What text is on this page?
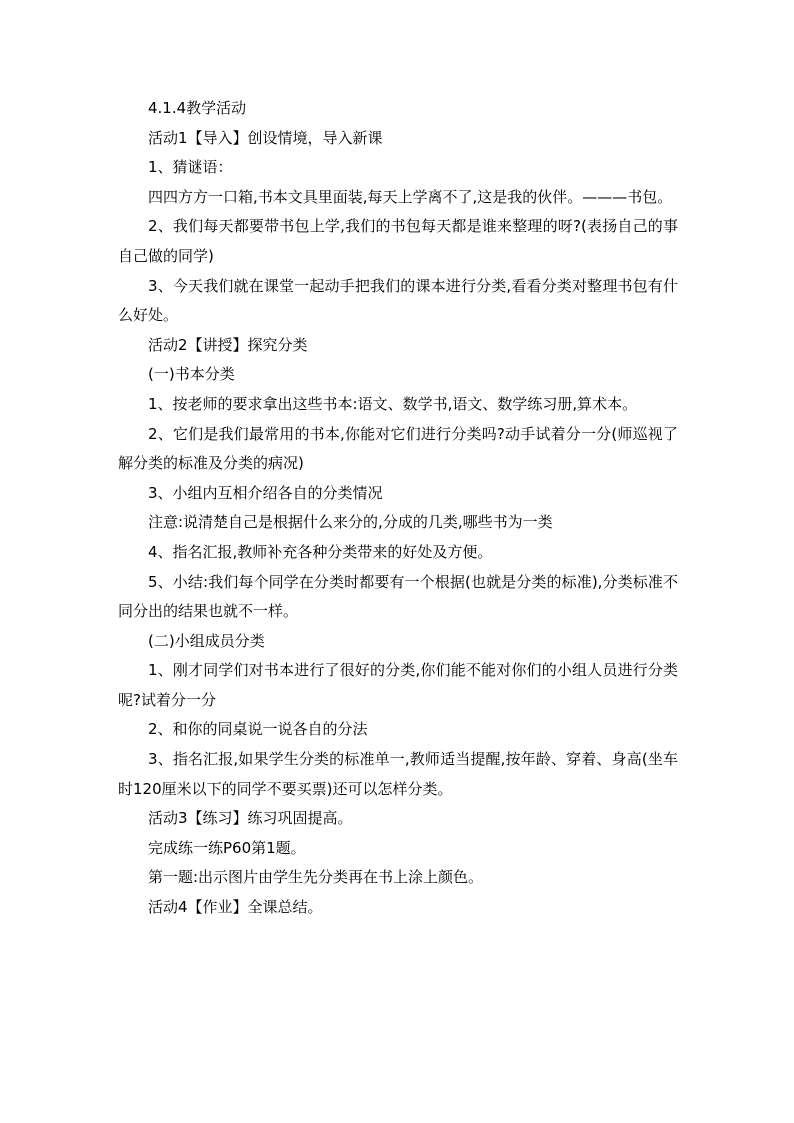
4.1.4教学活动

活动1【导入】创设情境，导入新课

1、猜谜语：

四四方方一口箱,书本文具里面装,每天上学离不了,这是我的伙伴。———书包。

2、我们每天都要带书包上学,我们的书包每天都是谁来整理的呀?(表扬自己的事自己做的同学)

3、今天我们就在课堂一起动手把我们的课本进行分类,看看分类对整理书包有什么好处。

活动2【讲授】探究分类

(一)书本分类

1、按老师的要求拿出这些书本:语文、数学书,语文、数学练习册,算术本。

2、它们是我们最常用的书本,你能对它们进行分类吗?动手试着分一分(师巡视了解分类的标准及分类的病况)

3、小组内互相介绍各自的分类情况

注意:说清楚自己是根据什么来分的,分成的几类,哪些书为一类

4、指名汇报,教师补充各种分类带来的好处及方便。

5、小结:我们每个同学在分类时都要有一个根据(也就是分类的标准),分类标准不同分出的结果也就不一样。

(二)小组成员分类

1、刚才同学们对书本进行了很好的分类,你们能不能对你们的小组人员进行分类呢?试着分一分

2、和你的同桌说一说各自的分法

3、指名汇报,如果学生分类的标准单一,教师适当提醒,按年龄、穿着、身高(坐车时120厘米以下的同学不要买票)还可以怎样分类。

活动3【练习】练习巩固提高。

完成练一练P60第1题。

第一题:出示图片由学生先分类再在书上涂上颜色。

活动4【作业】全课总结。
